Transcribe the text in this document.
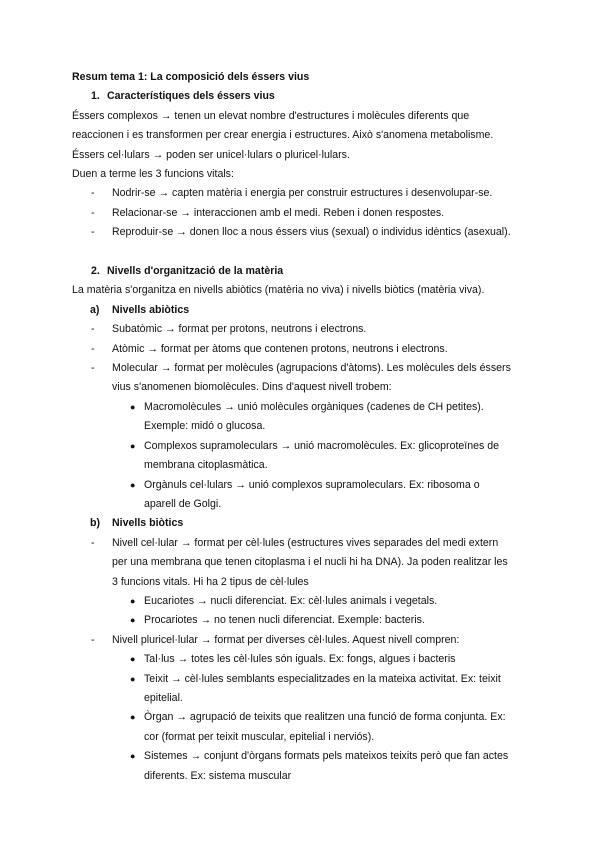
Resum tema 1: La composició dels éssers vius
1. Característiques dels éssers vius
Éssers complexos → tenen un elevat nombre d'estructures i molècules diferents que
reaccionen i es transformen per crear energia i estructures. Això s'anomena metabolisme.
Éssers cel·lulars → poden ser unicel·lulars o pluricel·lulars.
Duen a terme les 3 funcions vitals:
- Nodrir-se → capten matèria i energia per construir estructures i desenvolupar-se.
- Relacionar-se → interaccionen amb el medi. Reben i donen respostes.
- Reproduir-se → donen lloc a nous éssers vius (sexual) o individus idèntics (asexual).
2. Nivells d'organització de la matèria
La matèria s'organitza en nivells abiòtics (matèria no viva) i nivells biòtics (matèria viva).
a) Nivells abiòtics
- Subatòmic → format per protons, neutrons i electrons.
- Atòmic → format per àtoms que contenen protons, neutrons i electrons.
- Molecular → format per molècules (agrupacions d'àtoms). Les molècules dels éssers
vius s'anomenen biomolècules. Dins d'aquest nivell trobem:
● Macromolècules → unió molècules orgàniques (cadenes de CH petites).
Exemple: midó o glucosa.
● Complexos supramoleculars → unió macromolècules. Ex: glicoproteïnes de
membrana citoplasmàtica.
● Orgànuls cel·lulars → unió complexos supramoleculars. Ex: ribosoma o
aparell de Golgi.
b) Nivells biòtics
- Nivell cel·lular → format per cèl·lules (estructures vives separades del medi extern
per una membrana que tenen citoplasma i el nucli hi ha DNA). Ja poden realitzar les
3 funcions vitals. Hi ha 2 tipus de cèl·lules
● Eucariotes → nucli diferenciat. Ex: cèl·lules animals i vegetals.
● Procariotes → no tenen nucli diferenciat. Exemple: bacteris.
- Nivell pluricel·lular → format per diverses cèl·lules. Aquest nivell compren:
● Tal·lus → totes les cèl·lules són iguals. Ex: fongs, algues i bacteris
● Teixit → cèl·lules semblants especialitzades en la mateixa activitat. Ex: teixit
epitelial.
● Òrgan → agrupació de teixits que realitzen una funció de forma conjunta. Ex:
cor (format per teixit muscular, epitelial i nerviós).
● Sistemes → conjunt d'òrgans formats pels mateixos teixits però que fan actes
diferents. Ex: sistema muscular
